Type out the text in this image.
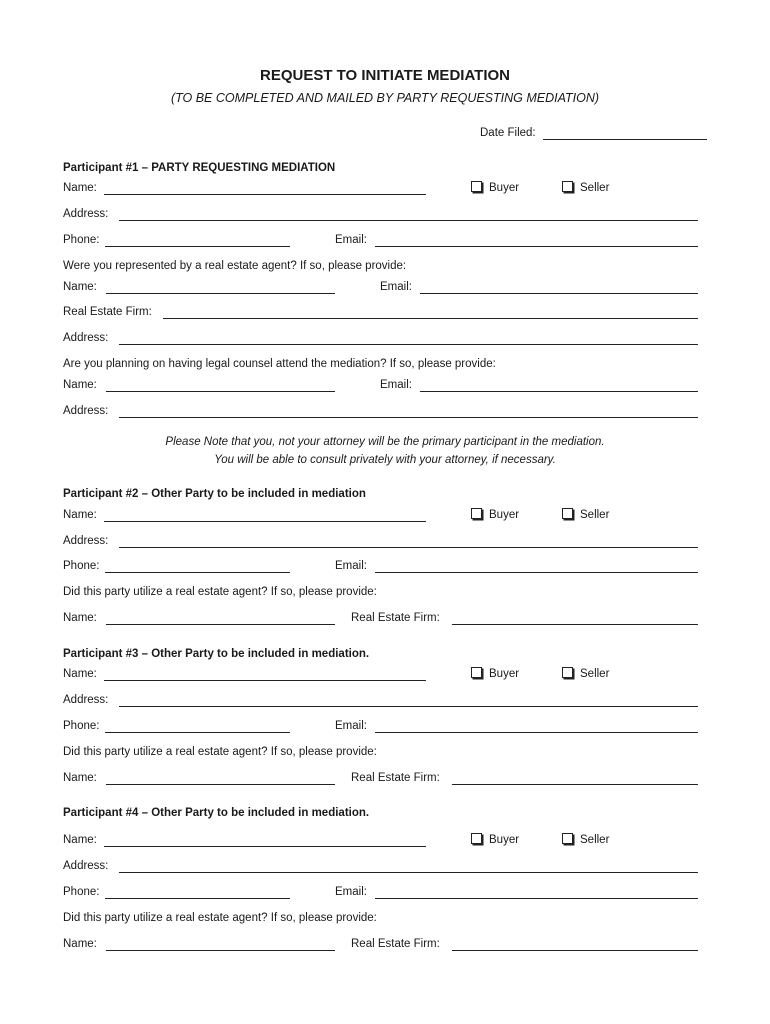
REQUEST TO INITIATE MEDIATION
(TO BE COMPLETED AND MAILED BY PARTY REQUESTING MEDIATION)
Date Filed:
Participant #1 – PARTY REQUESTING MEDIATION
Name:	Buyer	Seller
Address:
Phone:	Email:
Were you represented by a real estate agent? If so, please provide:
Name:	Email:
Real Estate Firm:
Address:
Are you planning on having legal counsel attend the mediation? If so, please provide:
Name:	Email:
Address:
Please Note that you, not your attorney will be the primary participant in the mediation.
You will be able to consult privately with your attorney, if necessary.
Participant #2 – Other Party to be included in mediation
Name:	Buyer	Seller
Address:
Phone:	Email:
Did this party utilize a real estate agent? If so, please provide:
Name:	Real Estate Firm:
Participant #3 – Other Party to be included in mediation.
Name:	Buyer	Seller
Address:
Phone:	Email:
Did this party utilize a real estate agent? If so, please provide:
Name:	Real Estate Firm:
Participant #4 – Other Party to be included in mediation.
Name:	Buyer	Seller
Address:
Phone:	Email:
Did this party utilize a real estate agent? If so, please provide:
Name:	Real Estate Firm:
